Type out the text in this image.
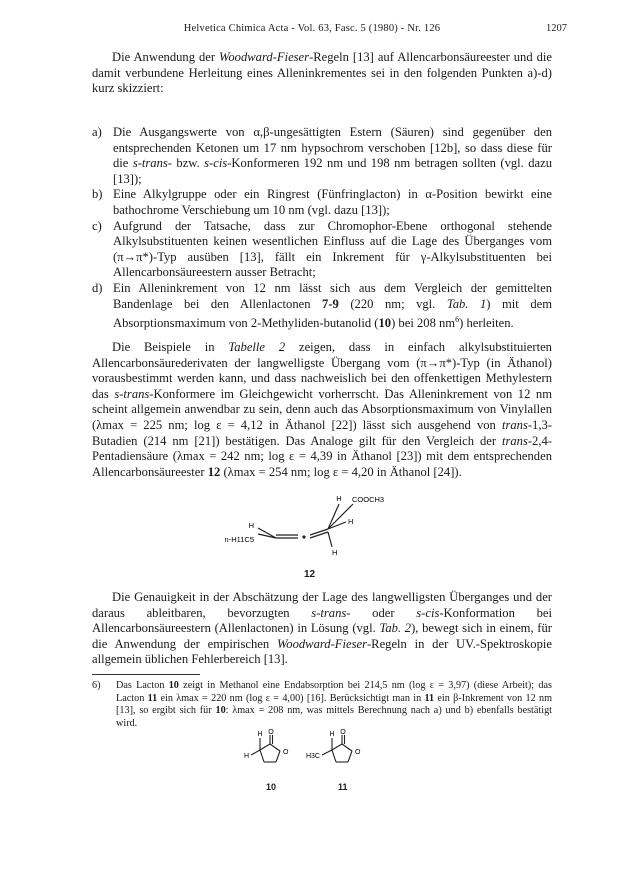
Helvetica Chimica Acta - Vol. 63, Fasc. 5 (1980) - Nr. 126	1207
Die Anwendung der Woodward-Fieser-Regeln [13] auf Allencarbonsäureester und die damit verbundene Herleitung eines Alleninkrementes sei in den folgenden Punkten a)-d) kurz skizziert:
a) Die Ausgangswerte von α,β-ungesättigten Estern (Säuren) sind gegenüber den entsprechenden Ketonen um 17 nm hypsochrom verschoben [12b], so dass diese für die s-trans- bzw. s-cis-Konformeren 192 nm und 198 nm betragen sollten (vgl. dazu [13]);
b) Eine Alkylgruppe oder ein Ringrest (Fünfringlacton) in α-Position bewirkt eine bathochrome Verschiebung um 10 nm (vgl. dazu [13]);
c) Aufgrund der Tatsache, dass zur Chromophor-Ebene orthogonal stehende Alkylsubstituenten keinen wesentlichen Einfluss auf die Lage des Überganges vom (π→π*)-Typ ausüben [13], fällt ein Inkrement für γ-Alkylsubstituenten bei Allencarbonsäureestern ausser Betracht;
d) Ein Alleninkrement von 12 nm lässt sich aus dem Vergleich der gemittelten Bandenlage bei den Allenlactonen 7-9 (220 nm; vgl. Tab. 1) mit dem Absorptionsmaximum von 2-Methyliden-butanolid (10) bei 208 $nm^6$) herleiten.
Die Beispiele in Tabelle 2 zeigen, dass in einfach alkylsubstituierten Allencarbonsäurederivaten der langwelligste Übergang vom (π→π*)-Typ (in Äthanol) vorausbestimmt werden kann, und dass nachweislich bei den offenkettigen Methylestern das s-trans-Konformere im Gleichgewicht vorherrscht. Das Alleninkrement von 12 nm scheint allgemein anwendbar zu sein, denn auch das Absorptionsmaximum von Vinylallen (λmax = 225 nm; log ε = 4,12 in Äthanol [22]) lässt sich ausgehend von trans-1,3-Butadien (214 nm [21]) bestätigen. Das Analoge gilt für den Vergleich der trans-2,4-Pentadiensäure (λmax = 242 nm; log ε = 4,39 in Äthanol [23]) mit dem entsprechenden Allencarbonsäureester 12 (λmax = 254 nm; log ε = 4,20 in Äthanol [24]).
H COOCH3
H	H
H
n-H11C5
12
Die Genauigkeit in der Abschätzung der Lage des langwelligsten Überganges und der daraus ableitbaren, bevorzugten s-trans- oder s-cis-Konformation bei Allencarbonsäureestern (Allenlactonen) in Lösung (vgl. Tab. 2), bewegt sich in einem, für die Anwendung der empirischen Woodward-Fieser-Regeln in der UV.-Spektroskopie allgemein üblichen Fehlerbereich [13].
6)	Das Lacton 10 zeigt in Methanol eine Endabsorption bei 214,5 nm (log ε = 3,97) (diese Arbeit); das Lacton 11 ein λmax = 220 nm (log ε = 4,00) [16]. Berücksichtigt man in 11 ein β-Inkrement von 12 nm [13], so ergibt sich für 10: λmax = 208 nm, was mittels Berechnung nach a) und b) ebenfalls bestätigt wird.
H
H
O
O
10
H
H3C
O
O
11
